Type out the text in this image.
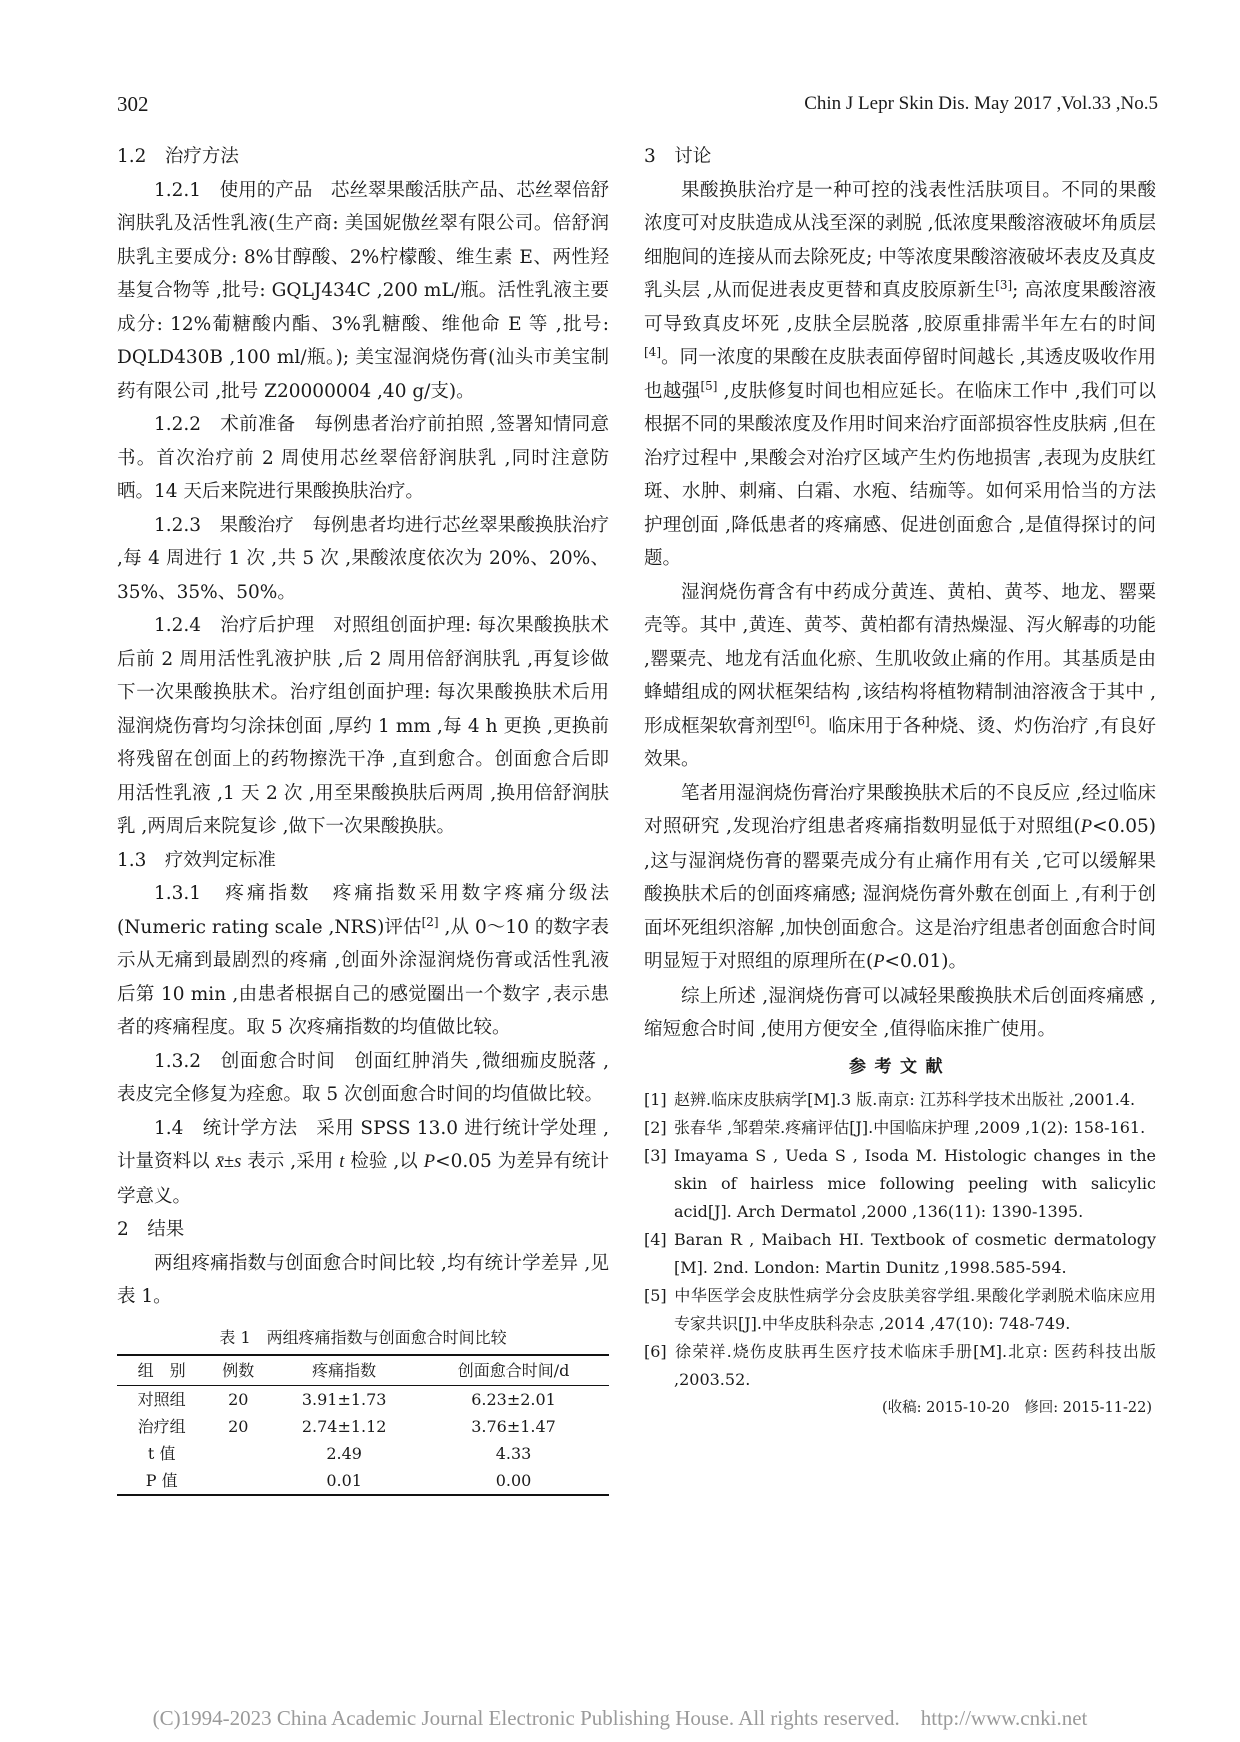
302	Chin J Lepr Skin Dis. May 2017 ,Vol.33 ,No.5

1.2　治疗方法

1.2.1　使用的产品　芯丝翠果酸活肤产品、芯丝翠倍舒润肤乳及活性乳液(生产商: 美国妮傲丝翠有限公司。倍舒润肤乳主要成分: 8%甘醇酸、2%柠檬酸、维生素 E、两性羟基复合物等 ,批号: GQLJ434C ,200 mL/瓶。活性乳液主要成分: 12%葡糖酸内酯、3%乳糖酸、维他命 E 等 ,批号: DQLD430B ,100 ml/瓶。); 美宝湿润烧伤膏(汕头市美宝制药有限公司 ,批号 Z20000004 ,40 g/支)。

1.2.2　术前准备　每例患者治疗前拍照 ,签署知情同意书。首次治疗前 2 周使用芯丝翠倍舒润肤乳 ,同时注意防晒。14 天后来院进行果酸换肤治疗。

1.2.3　果酸治疗　每例患者均进行芯丝翠果酸换肤治疗 ,每 4 周进行 1 次 ,共 5 次 ,果酸浓度依次为 20%、20%、35%、35%、50%。

1.2.4　治疗后护理　对照组创面护理: 每次果酸换肤术后前 2 周用活性乳液护肤 ,后 2 周用倍舒润肤乳 ,再复诊做下一次果酸换肤术。治疗组创面护理: 每次果酸换肤术后用湿润烧伤膏均匀涂抹创面 ,厚约 1 mm ,每 4 h 更换 ,更换前将残留在创面上的药物擦洗干净 ,直到愈合。创面愈合后即用活性乳液 ,1 天 2 次 ,用至果酸换肤后两周 ,换用倍舒润肤乳 ,两周后来院复诊 ,做下一次果酸换肤。

1.3　疗效判定标准

1.3.1　疼痛指数　疼痛指数采用数字疼痛分级法(Numeric rating scale ,NRS)评估[2] ,从 0～10 的数字表示从无痛到最剧烈的疼痛 ,创面外涂湿润烧伤膏或活性乳液后第 10 min ,由患者根据自己的感觉圈出一个数字 ,表示患者的疼痛程度。取 5 次疼痛指数的均值做比较。

1.3.2　创面愈合时间　创面红肿消失 ,微细痂皮脱落 ,表皮完全修复为痊愈。取 5 次创面愈合时间的均值做比较。

1.4　统计学方法　采用 SPSS 13.0 进行统计学处理 ,计量资料以 x̄±s 表示 ,采用 t 检验 ,以 P<0.05 为差异有统计学意义。

2　结果

两组疼痛指数与创面愈合时间比较 ,均有统计学差异 ,见表 1。

表 1　两组疼痛指数与创面愈合时间比较
组　别	例数	疼痛指数	创面愈合时间/d
对照组	20	3.91±1.73	6.23±2.01
治疗组	20	2.74±1.12	3.76±1.47
t 值		2.49	4.33
P 值		0.01	0.00

3　讨论

果酸换肤治疗是一种可控的浅表性活肤项目。不同的果酸浓度可对皮肤造成从浅至深的剥脱 ,低浓度果酸溶液破坏角质层细胞间的连接从而去除死皮; 中等浓度果酸溶液破坏表皮及真皮乳头层 ,从而促进表皮更替和真皮胶原新生[3]; 高浓度果酸溶液可导致真皮坏死 ,皮肤全层脱落 ,胶原重排需半年左右的时间[4]。同一浓度的果酸在皮肤表面停留时间越长 ,其透皮吸收作用也越强[5] ,皮肤修复时间也相应延长。在临床工作中 ,我们可以根据不同的果酸浓度及作用时间来治疗面部损容性皮肤病 ,但在治疗过程中 ,果酸会对治疗区域产生灼伤地损害 ,表现为皮肤红斑、水肿、刺痛、白霜、水疱、结痂等。如何采用恰当的方法护理创面 ,降低患者的疼痛感、促进创面愈合 ,是值得探讨的问题。

湿润烧伤膏含有中药成分黄连、黄柏、黄芩、地龙、罂粟壳等。其中 ,黄连、黄芩、黄柏都有清热燥湿、泻火解毒的功能 ,罂粟壳、地龙有活血化瘀、生肌收敛止痛的作用。其基质是由蜂蜡组成的网状框架结构 ,该结构将植物精制油溶液含于其中 ,形成框架软膏剂型[6]。临床用于各种烧、烫、灼伤治疗 ,有良好效果。

笔者用湿润烧伤膏治疗果酸换肤术后的不良反应 ,经过临床对照研究 ,发现治疗组患者疼痛指数明显低于对照组(P<0.05) ,这与湿润烧伤膏的罂粟壳成分有止痛作用有关 ,它可以缓解果酸换肤术后的创面疼痛感; 湿润烧伤膏外敷在创面上 ,有利于创面坏死组织溶解 ,加快创面愈合。这是治疗组患者创面愈合时间明显短于对照组的原理所在(P<0.01)。

综上所述 ,湿润烧伤膏可以减轻果酸换肤术后创面疼痛感 ,缩短愈合时间 ,使用方便安全 ,值得临床推广使用。

参考文献

[1] 赵辨.临床皮肤病学[M].3 版.南京: 江苏科学技术出版社 ,2001.4.

[2] 张春华 ,邹碧荣.疼痛评估[J].中国临床护理 ,2009 ,1(2): 158-161.

[3] Imayama S , Ueda S , Isoda M. Histologic changes in the skin of hairless mice following peeling with salicylic acid[J]. Arch Dermatol ,2000 ,136(11): 1390-1395.

[4] Baran R , Maibach HI. Textbook of cosmetic dermatology [M]. 2nd. London: Martin Dunitz ,1998.585-594.

[5] 中华医学会皮肤性病学分会皮肤美容学组.果酸化学剥脱术临床应用专家共识[J].中华皮肤科杂志 ,2014 ,47(10): 748-749.

[6] 徐荣祥.烧伤皮肤再生医疗技术临床手册[M].北京: 医药科技出版 ,2003.52.

(收稿: 2015-10-20　修回: 2015-11-22)
(C)1994-2023 China Academic Journal Electronic Publishing House. All rights reserved.    http://www.cnki.net
